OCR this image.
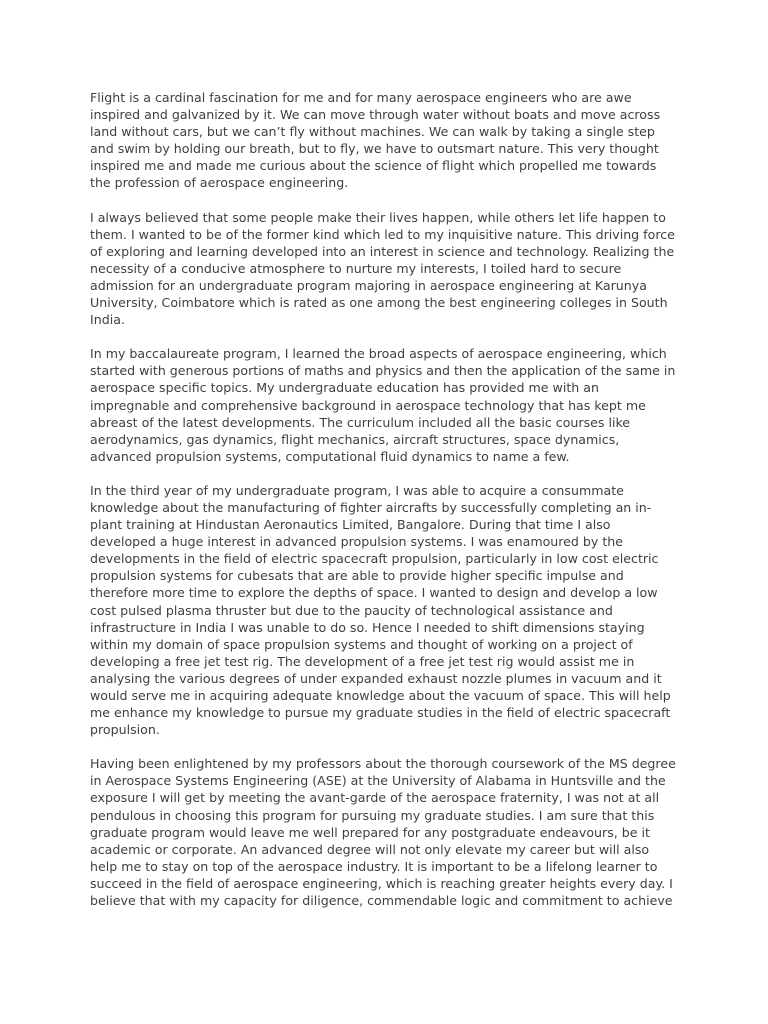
Flight is a cardinal fascination for me and for many aerospace engineers who are awe
inspired and galvanized by it. We can move through water without boats and move across
land without cars, but we can’t fly without machines. We can walk by taking a single step
and swim by holding our breath, but to fly, we have to outsmart nature. This very thought
inspired me and made me curious about the science of flight which propelled me towards
the profession of aerospace engineering.

I always believed that some people make their lives happen, while others let life happen to
them. I wanted to be of the former kind which led to my inquisitive nature. This driving force
of exploring and learning developed into an interest in science and technology. Realizing the
necessity of a conducive atmosphere to nurture my interests, I toiled hard to secure
admission for an undergraduate program majoring in aerospace engineering at Karunya
University, Coimbatore which is rated as one among the best engineering colleges in South
India.

In my baccalaureate program, I learned the broad aspects of aerospace engineering, which
started with generous portions of maths and physics and then the application of the same in
aerospace specific topics. My undergraduate education has provided me with an
impregnable and comprehensive background in aerospace technology that has kept me
abreast of the latest developments. The curriculum included all the basic courses like
aerodynamics, gas dynamics, flight mechanics, aircraft structures, space dynamics,
advanced propulsion systems, computational fluid dynamics to name a few.

In the third year of my undergraduate program, I was able to acquire a consummate
knowledge about the manufacturing of fighter aircrafts by successfully completing an in-
plant training at Hindustan Aeronautics Limited, Bangalore. During that time I also
developed a huge interest in advanced propulsion systems. I was enamoured by the
developments in the field of electric spacecraft propulsion, particularly in low cost electric
propulsion systems for cubesats that are able to provide higher specific impulse and
therefore more time to explore the depths of space. I wanted to design and develop a low
cost pulsed plasma thruster but due to the paucity of technological assistance and
infrastructure in India I was unable to do so. Hence I needed to shift dimensions staying
within my domain of space propulsion systems and thought of working on a project of
developing a free jet test rig. The development of a free jet test rig would assist me in
analysing the various degrees of under expanded exhaust nozzle plumes in vacuum and it
would serve me in acquiring adequate knowledge about the vacuum of space. This will help
me enhance my knowledge to pursue my graduate studies in the field of electric spacecraft
propulsion.

Having been enlightened by my professors about the thorough coursework of the MS degree
in Aerospace Systems Engineering (ASE) at the University of Alabama in Huntsville and the
exposure I will get by meeting the avant-garde of the aerospace fraternity, I was not at all
pendulous in choosing this program for pursuing my graduate studies. I am sure that this
graduate program would leave me well prepared for any postgraduate endeavours, be it
academic or corporate. An advanced degree will not only elevate my career but will also
help me to stay on top of the aerospace industry. It is important to be a lifelong learner to
succeed in the field of aerospace engineering, which is reaching greater heights every day. I
believe that with my capacity for diligence, commendable logic and commitment to achieve
